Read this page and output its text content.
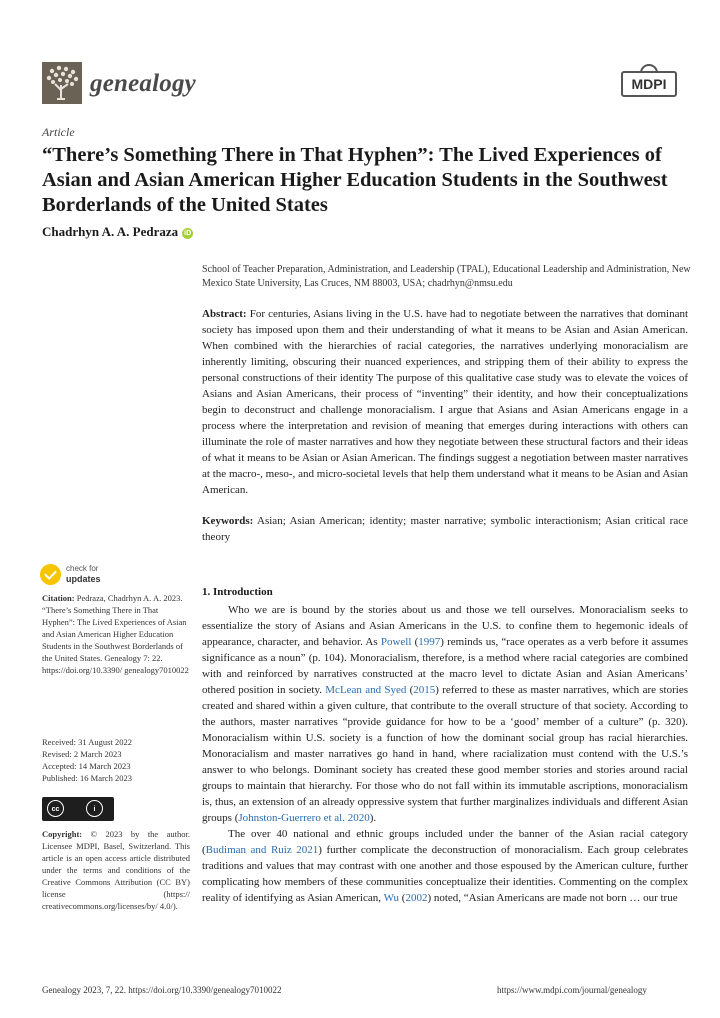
genealogy	MDPI
Article
“There’s Something There in That Hyphen”: The Lived Experiences of Asian and Asian American Higher Education Students in the Southwest Borderlands of the United States
Chadrhyn A. A. Pedraza iD
School of Teacher Preparation, Administration, and Leadership (TPAL), Educational Leadership and Administration, New Mexico State University, Las Cruces, NM 88003, USA; chadrhyn@nmsu.edu
Abstract: For centuries, Asians living in the U.S. have had to negotiate between the narratives that dominant society has imposed upon them and their understanding of what it means to be Asian and Asian American. When combined with the hierarchies of racial categories, the narratives underlying monoracialism are inherently limiting, obscuring their nuanced experiences, and stripping them of their ability to express the personal constructions of their identity The purpose of this qualitative case study was to elevate the voices of Asians and Asian Americans, their process of “inventing” their identity, and how their conceptualizations begin to deconstruct and challenge monoracialism. I argue that Asians and Asian Americans engage in a process where the interpretation and revision of meaning that emerges during interactions with others can illuminate the role of master narratives and how they negotiate between these structural factors and their ideas of what it means to be Asian or Asian American. The findings suggest a negotiation between master narratives at the macro-, meso-, and micro-societal levels that help them understand what it means to be Asian and Asian American.
Keywords: Asian; Asian American; identity; master narrative; symbolic interactionism; Asian critical race theory
check for
updates
Citation: Pedraza, Chadrhyn A. A. 2023. “There’s Something There in That Hyphen”: The Lived Experiences of Asian and Asian American Higher Education Students in the Southwest Borderlands of the United States. Genealogy 7: 22. https://doi.org/10.3390/ genealogy7010022
Received: 31 August 2022
Revised: 2 March 2023
Accepted: 14 March 2023
Published: 16 March 2023
cc	i
Copyright: © 2023 by the author. Licensee MDPI, Basel, Switzerland. This article is an open access article distributed under the terms and conditions of the Creative Commons Attribution (CC BY) license (https:// creativecommons.org/licenses/by/ 4.0/).
1. Introduction

Who we are is bound by the stories about us and those we tell ourselves. Monoracialism seeks to essentialize the story of Asians and Asian Americans in the U.S. to confine them to hegemonic ideals of appearance, character, and behavior. As Powell (1997) reminds us, “race operates as a verb before it assumes significance as a noun” (p. 104). Monoracialism, therefore, is a method where racial categories are combined with and reinforced by narratives constructed at the macro level to dictate Asian and Asian Americans’ othered position in society. McLean and Syed (2015) referred to these as master narratives, which are stories created and shared within a given culture, that contribute to the overall structure of that society. According to the authors, master narratives “provide guidance for how to be a ‘good’ member of a culture” (p. 320). Monoracialism within U.S. society is a function of how the dominant social group has racial hierarchies. Monoracialism and master narratives go hand in hand, where racialization must contend with the U.S.’s answer to who belongs. Dominant society has created these good member stories and stories around racial groups to maintain that hierarchy. For those who do not fall within its immutable ascriptions, monoracialism is, thus, an extension of an already oppressive system that further marginalizes individuals and different Asian groups (Johnston-Guerrero et al. 2020).

The over 40 national and ethnic groups included under the banner of the Asian racial category (Budiman and Ruiz 2021) further complicate the deconstruction of monoracialism. Each group celebrates traditions and values that may contrast with one another and those espoused by the American culture, further complicating how members of these communities conceptualize their identities. Commenting on the complex reality of identifying as Asian American, Wu (2002) noted, “Asian Americans are made not born … our true

Genealogy 2023, 7, 22. https://doi.org/10.3390/genealogy7010022	https://www.mdpi.com/journal/genealogy
